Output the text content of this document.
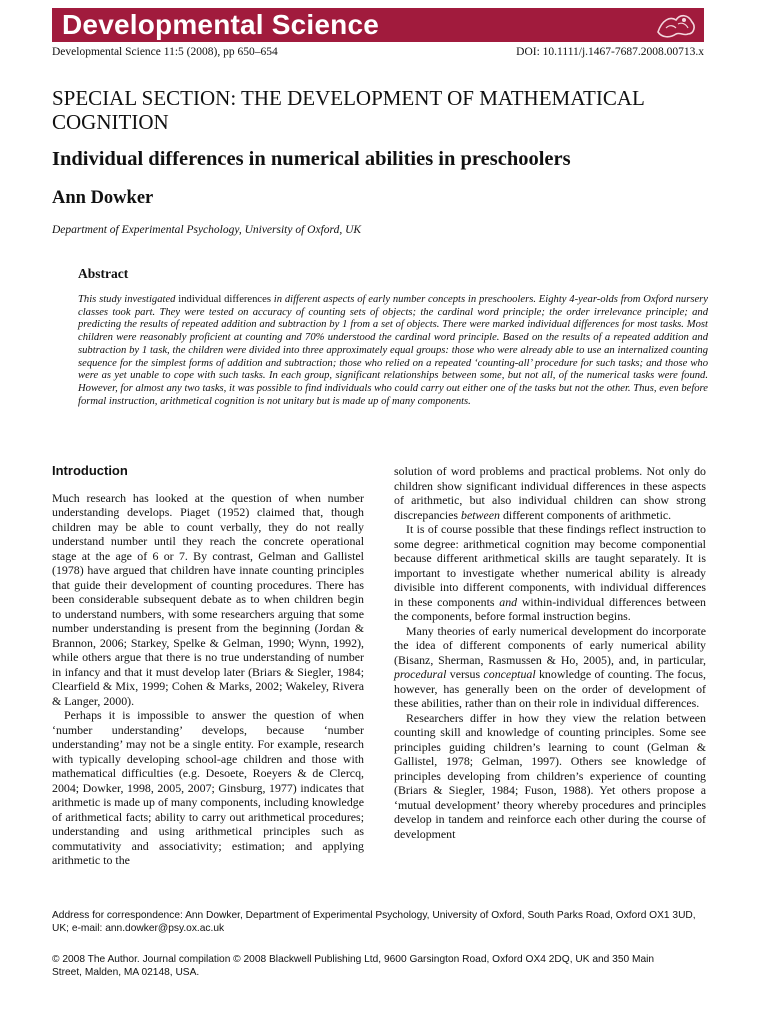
Developmental Science
Developmental Science 11:5 (2008), pp 650–654	DOI: 10.1111/j.1467-7687.2008.00713.x
SPECIAL SECTION: THE DEVELOPMENT OF MATHEMATICAL COGNITION
Individual differences in numerical abilities in preschoolers
Ann Dowker
Department of Experimental Psychology, University of Oxford, UK
Abstract
This study investigated individual differences in different aspects of early number concepts in preschoolers. Eighty 4-year-olds from Oxford nursery classes took part. They were tested on accuracy of counting sets of objects; the cardinal word principle; the order irrelevance principle; and predicting the results of repeated addition and subtraction by 1 from a set of objects. There were marked individual differences for most tasks. Most children were reasonably proficient at counting and 70% understood the cardinal word principle. Based on the results of a repeated addition and subtraction by 1 task, the children were divided into three approximately equal groups: those who were already able to use an internalized counting sequence for the simplest forms of addition and subtraction; those who relied on a repeated ‘counting-all’ procedure for such tasks; and those who were as yet unable to cope with such tasks. In each group, significant relationships between some, but not all, of the numerical tasks were found. However, for almost any two tasks, it was possible to find individuals who could carry out either one of the tasks but not the other. Thus, even before formal instruction, arithmetical cognition is not unitary but is made up of many components.
Introduction

Much research has looked at the question of when number understanding develops. Piaget (1952) claimed that, though children may be able to count verbally, they do not really understand number until they reach the concrete operational stage at the age of 6 or 7. By contrast, Gelman and Gallistel (1978) have argued that children have innate counting principles that guide their development of counting procedures. There has been considerable subsequent debate as to when children begin to understand numbers, with some researchers arguing that some number understanding is present from the beginning (Jordan & Brannon, 2006; Starkey, Spelke & Gelman, 1990; Wynn, 1992), while others argue that there is no true understanding of number in infancy and that it must develop later (Briars & Siegler, 1984; Clearfield & Mix, 1999; Cohen & Marks, 2002; Wakeley, Rivera & Langer, 2000).

Perhaps it is impossible to answer the question of when ‘number understanding’ develops, because ‘number understanding’ may not be a single entity. For example, research with typically developing school-age children and those with mathematical difficulties (e.g. Desoete, Roeyers & de Clercq, 2004; Dowker, 1998, 2005, 2007; Ginsburg, 1977) indicates that arithmetic is made up of many components, including knowledge of arithmetical facts; ability to carry out arithmetical procedures; understanding and using arithmetical principles such as commutativity and associativity; estimation; and applying arithmetic to the

solution of word problems and practical problems. Not only do children show significant individual differences in these aspects of arithmetic, but also individual children can show strong discrepancies between different components of arithmetic.

It is of course possible that these findings reflect instruction to some degree: arithmetical cognition may become componential because different arithmetical skills are taught separately. It is important to investigate whether numerical ability is already divisible into different components, with individual differences in these components and within-individual differences between the components, before formal instruction begins.

Many theories of early numerical development do incorporate the idea of different components of early numerical ability (Bisanz, Sherman, Rasmussen & Ho, 2005), and, in particular, procedural versus conceptual knowledge of counting. The focus, however, has generally been on the order of development of these abilities, rather than on their role in individual differences.

Researchers differ in how they view the relation between counting skill and knowledge of counting principles. Some see principles guiding children’s learning to count (Gelman & Gallistel, 1978; Gelman, 1997). Others see knowledge of principles developing from children’s experience of counting (Briars & Siegler, 1984; Fuson, 1988). Yet others propose a ‘mutual development’ theory whereby procedures and principles develop in tandem and reinforce each other during the course of development

Address for correspondence: Ann Dowker, Department of Experimental Psychology, University of Oxford, South Parks Road, Oxford OX1 3UD, UK; e-mail: ann.dowker@psy.ox.ac.uk
© 2008 The Author. Journal compilation © 2008 Blackwell Publishing Ltd, 9600 Garsington Road, Oxford OX4 2DQ, UK and 350 Main Street, Malden, MA 02148, USA.
